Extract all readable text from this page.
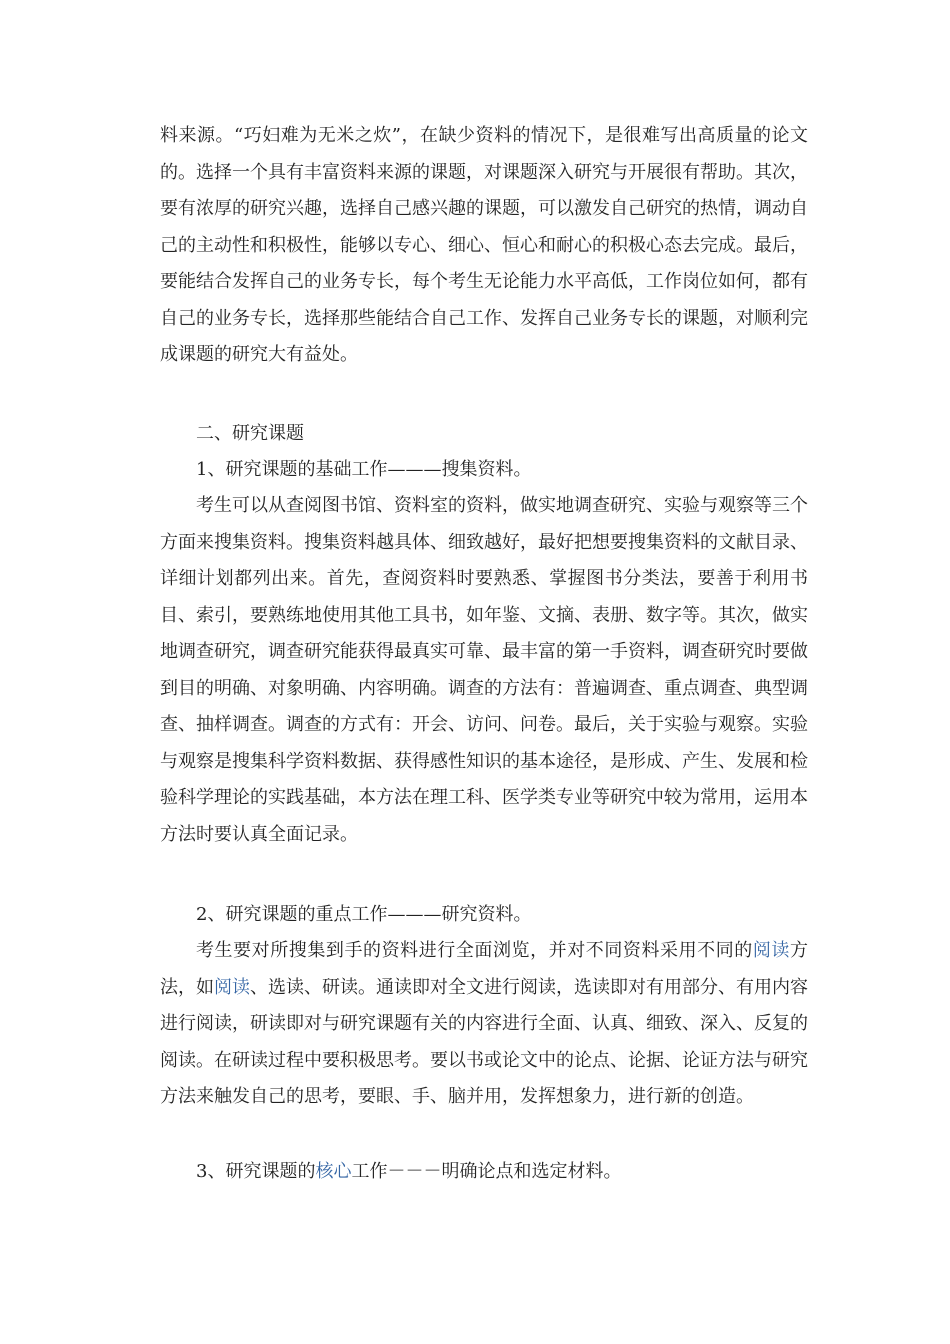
料来源。“巧妇难为无米之炊”，在缺少资料的情况下，是很难写出高质量的论文的。选择一个具有丰富资料来源的课题，对课题深入研究与开展很有帮助。其次，要有浓厚的研究兴趣，选择自己感兴趣的课题，可以激发自己研究的热情，调动自己的主动性和积极性，能够以专心、细心、恒心和耐心的积极心态去完成。最后，要能结合发挥自己的业务专长，每个考生无论能力水平高低，工作岗位如何，都有自己的业务专长，选择那些能结合自己工作、发挥自己业务专长的课题，对顺利完成课题的研究大有益处。

二、研究课题

1、研究课题的基础工作———搜集资料。

考生可以从查阅图书馆、资料室的资料，做实地调查研究、实验与观察等三个方面来搜集资料。搜集资料越具体、细致越好，最好把想要搜集资料的文献目录、详细计划都列出来。首先，查阅资料时要熟悉、掌握图书分类法，要善于利用书目、索引，要熟练地使用其他工具书，如年鉴、文摘、表册、数字等。其次，做实地调查研究，调查研究能获得最真实可靠、最丰富的第一手资料，调查研究时要做到目的明确、对象明确、内容明确。调查的方法有：普遍调查、重点调查、典型调查、抽样调查。调查的方式有：开会、访问、问卷。最后，关于实验与观察。实验与观察是搜集科学资料数据、获得感性知识的基本途径，是形成、产生、发展和检验科学理论的实践基础，本方法在理工科、医学类专业等研究中较为常用，运用本方法时要认真全面记录。

2、研究课题的重点工作———研究资料。

考生要对所搜集到手的资料进行全面浏览，并对不同资料采用不同的阅读方法，如阅读、选读、研读。通读即对全文进行阅读，选读即对有用部分、有用内容进行阅读，研读即对与研究课题有关的内容进行全面、认真、细致、深入、反复的阅读。在研读过程中要积极思考。要以书或论文中的论点、论据、论证方法与研究方法来触发自己的思考，要眼、手、脑并用，发挥想象力，进行新的创造。

3、研究课题的核心工作－－－明确论点和选定材料。
